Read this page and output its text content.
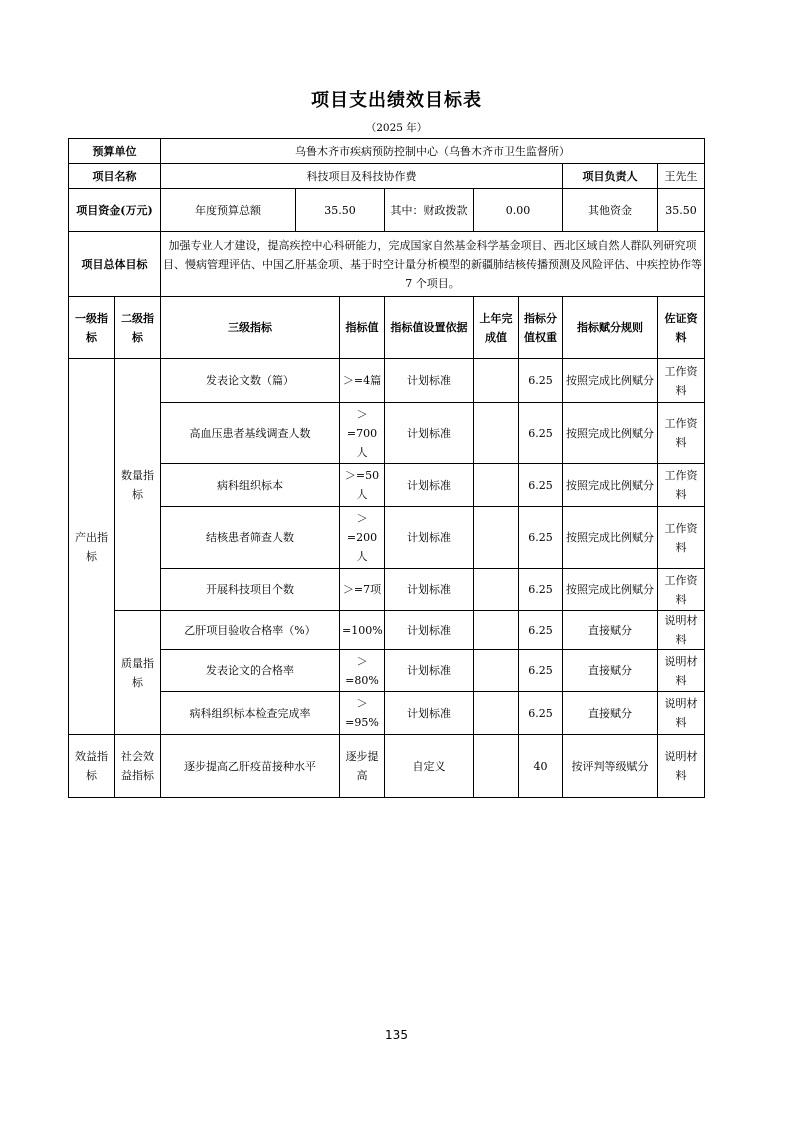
项目支出绩效目标表
（2025 年）
预算单位		乌鲁木齐市疾病预防控制中心（乌鲁木齐市卫生监督所）							
项目名称		科技项目及科技协作费						项目负责人	王先生
项目资金(万元)		年度预算总额	35.50		其中：财政拨款	0.00		其他资金	35.50
项目总体目标		加强专业人才建设，提高疾控中心科研能力，完成国家自然基金科学基金项目、西北区域自然人群队列研究项目、慢病管理评估、中国乙肝基金项、基于时空计量分析模型的新疆肺结核传播预测及风险评估、中疾控协作等 7 个项目。							
一级指标	二级指标	三级指标		指标值	指标值设置依据	上年完成值	指标分值权重	指标赋分规则	佐证资料
产出指标	数量指标	发表论文数（篇）		＞=4篇	计划标准		6.25	按照完成比例赋分	工作资料
		高血压患者基线调查人数		＞=700人	计划标准		6.25	按照完成比例赋分	工作资料
		病科组织标本		＞=50人	计划标准		6.25	按照完成比例赋分	工作资料
		结核患者筛查人数		＞=200人	计划标准		6.25	按照完成比例赋分	工作资料
		开展科技项目个数		＞=7项	计划标准		6.25	按照完成比例赋分	工作资料
	质量指标	乙肝项目验收合格率（%）		=100%	计划标准		6.25	直接赋分	说明材料
		发表论文的合格率		＞=80%	计划标准		6.25	直接赋分	说明材料
		病科组织标本检查完成率		＞=95%	计划标准		6.25	直接赋分	说明材料
效益指标	社会效益指标	逐步提高乙肝疫苗接种水平		逐步提高	自定义		40	按评判等级赋分	说明材料
135
